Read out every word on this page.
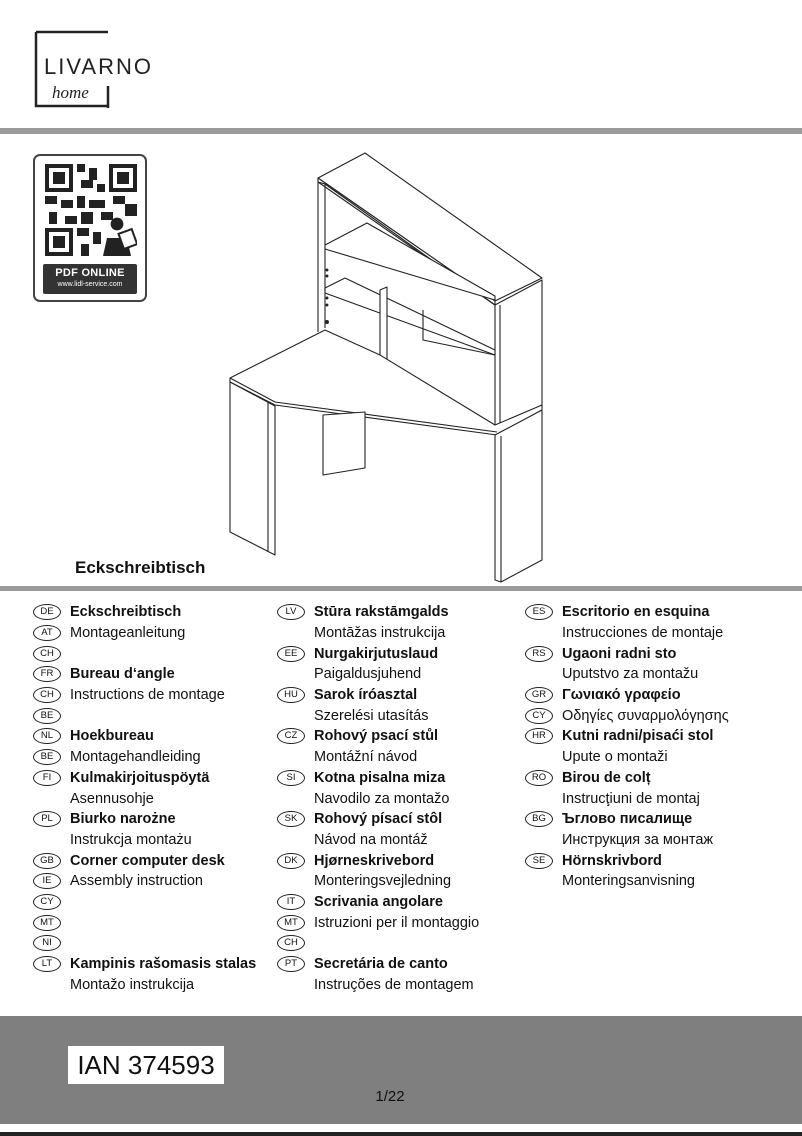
LIVARNO
home
PDF ONLINE
www.lidl-service.com
Eckschreibtisch
DE	Eckschreibtisch
AT	Montageanleitung
CH
FR	Bureau d‘angle
CH	Instructions de montage
BE
NL	Hoekbureau
BE	Montagehandleiding
FI	Kulmakirjoituspöytä
Asennusohje
PL	Biurko narożne
Instrukcja montażu
GB	Corner computer desk
IE	Assembly instruction
CY
MT
NI
LT	Kampinis rašomasis stalas
Montažo instrukcija
LV	Stūra rakstāmgalds
Montāžas instrukcija
EE	Nurgakirjutuslaud
Paigaldusjuhend
HU	Sarok íróasztal
Szerelési utasítás
CZ	Rohový psací stůl
Montážní návod
SI	Kotna pisalna miza
Navodilo za montažo
SK	Rohový písací stôl
Návod na montáž
DK	Hjørneskrivebord
Monteringsvejledning
IT	Scrivania angolare
MT	Istruzioni per il montaggio
CH
PT	Secretária de canto
Instruções de montagem
ES	Escritorio en esquina
Instrucciones de montaje
RS	Ugaoni radni sto
Uputstvo za montažu
GR	Γωνιακό γραφείο
CY	Οδηγίες συναρμολόγησης
HR	Kutni radni/pisaći stol
Upute o montaži
RO	Birou de colț
Instrucţiuni de montaj
BG	Ъглово писалище
Инструкция за монтаж
SE	Hörnskrivbord
Monteringsanvisning
IAN 374593
1/22
